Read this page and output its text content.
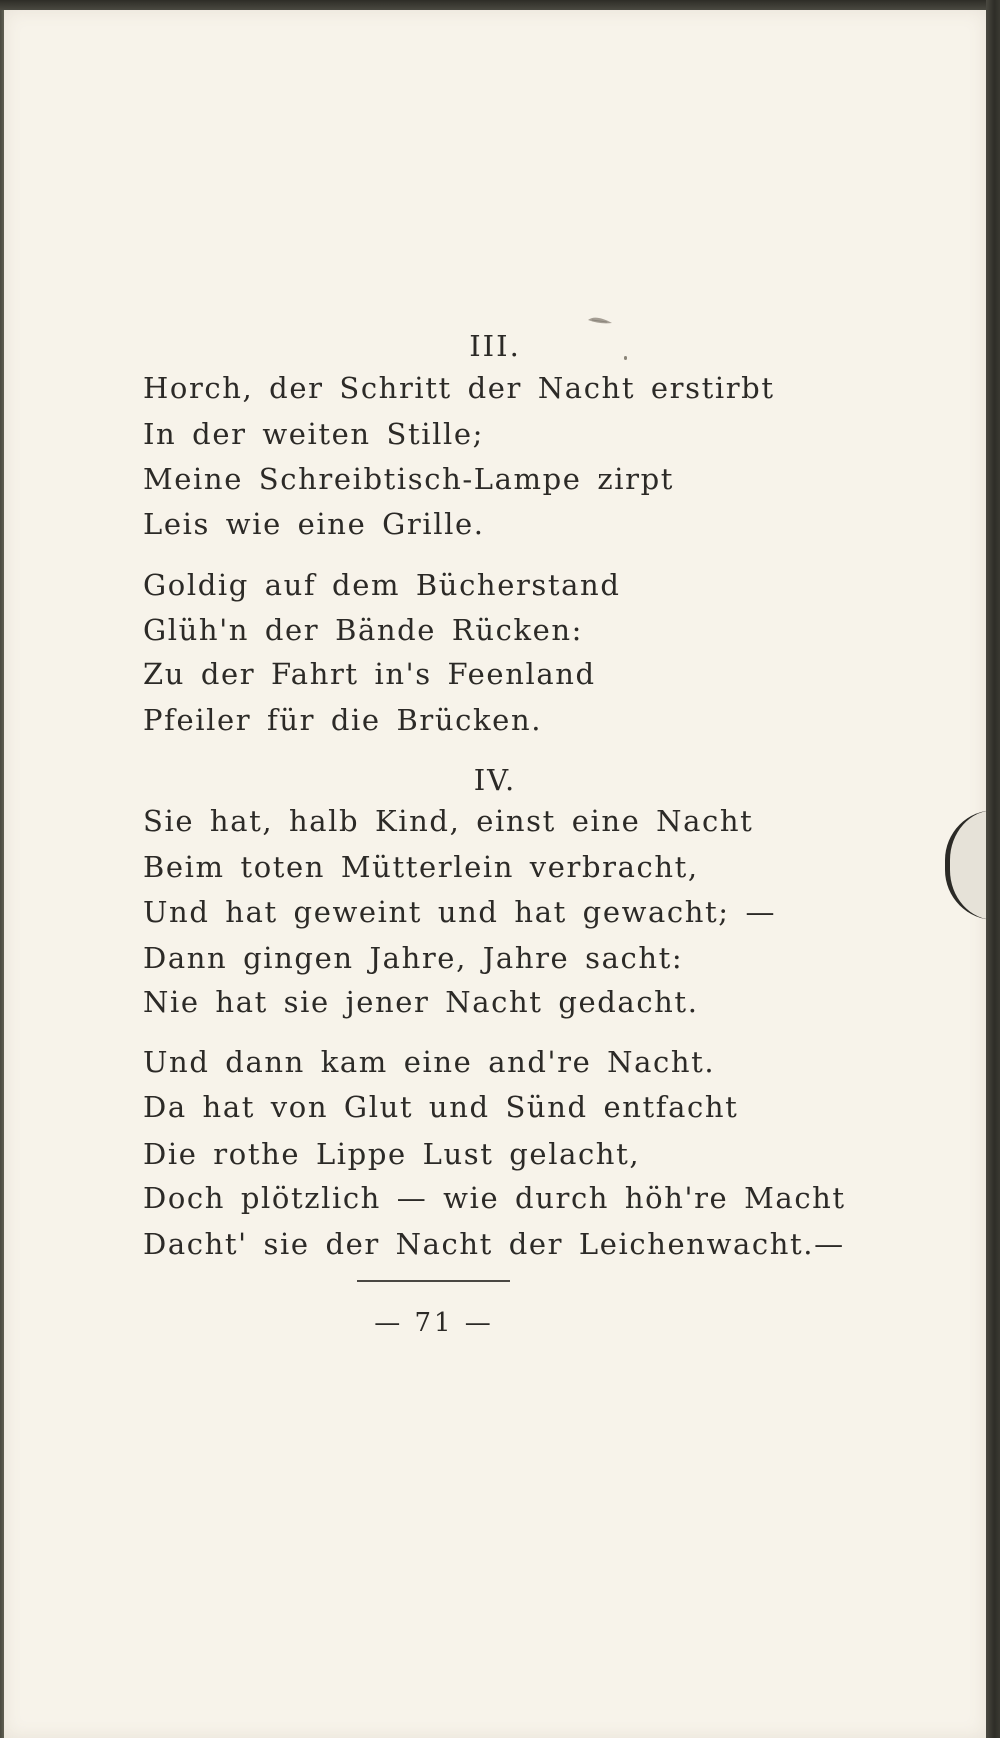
III.
Horch, der Schritt der Nacht erstirbt
In der weiten Stille;
Meine Schreibtisch-Lampe zirpt
Leis wie eine Grille.
Goldig auf dem Bücherstand
Glüh'n der Bände Rücken:
Zu der Fahrt in's Feenland
Pfeiler für die Brücken.
IV.
Sie hat, halb Kind, einst eine Nacht
Beim toten Mütterlein verbracht,
Und hat geweint und hat gewacht; —
Dann gingen Jahre, Jahre sacht:
Nie hat sie jener Nacht gedacht.
Und dann kam eine and're Nacht.
Da hat von Glut und Sünd entfacht
Die rothe Lippe Lust gelacht,
Doch plötzlich — wie durch höh're Macht
Dacht' sie der Nacht der Leichenwacht.—
— 71 —
